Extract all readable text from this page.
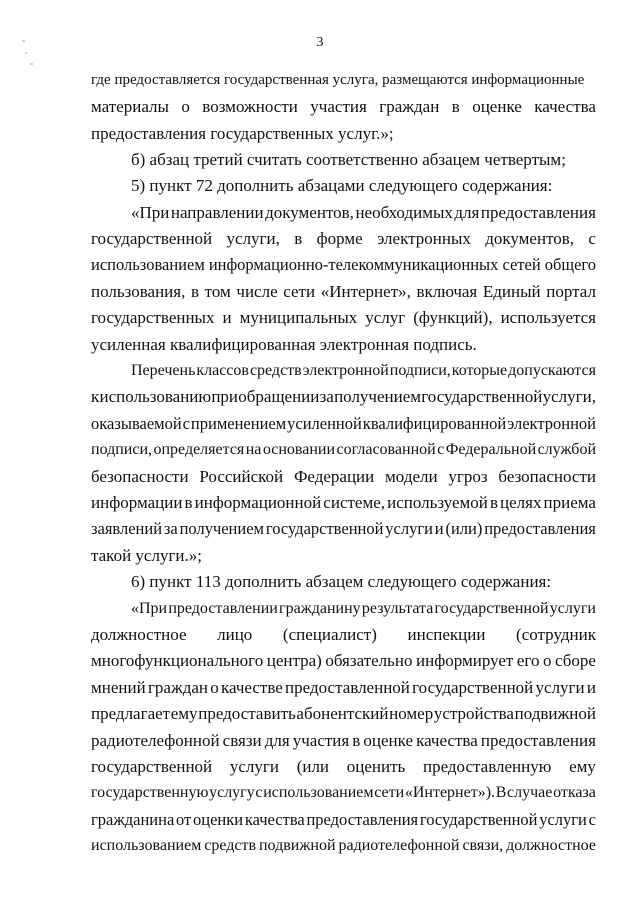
3
где предоставляется государственная услуга, размещаются информационные
материалы о возможности участия граждан в оценке качества
предоставления государственных услуг.»;
б) абзац третий считать соответственно абзацем четвертым;
5) пункт 72 дополнить абзацами следующего содержания:
«При направлении документов, необходимых для предоставления
государственной услуги, в форме электронных документов, с
использованием информационно-телекоммуникационных сетей общего
пользования, в том числе сети «Интернет», включая Единый портал
государственных и муниципальных услуг (функций), используется
усиленная квалифицированная электронная подпись.
Перечень классов средств электронной подписи, которые допускаются
к использованию при обращении за получением государственной услуги,
оказываемой с применением усиленной квалифицированной электронной
подписи, определяется на основании согласованной с Федеральной службой
безопасности Российской Федерации модели угроз безопасности
информации в информационной системе, используемой в целях приема
заявлений за получением государственной услуги и (или) предоставления
такой услуги.»;
6) пункт 113 дополнить абзацем следующего содержания:
«При предоставлении гражданину результата государственной услуги
должностное лицо (специалист) инспекции (сотрудник
многофункционального центра) обязательно информирует его о сборе
мнений граждан о качестве предоставленной государственной услуги и
предлагает ему предоставить абонентский номер устройства подвижной
радиотелефонной связи для участия в оценке качества предоставления
государственной услуги (или оценить предоставленную ему
государственную услугу с использованием сети «Интернет»). В случае отказа
гражданина от оценки качества предоставления государственной услуги с
использованием средств подвижной радиотелефонной связи, должностное
